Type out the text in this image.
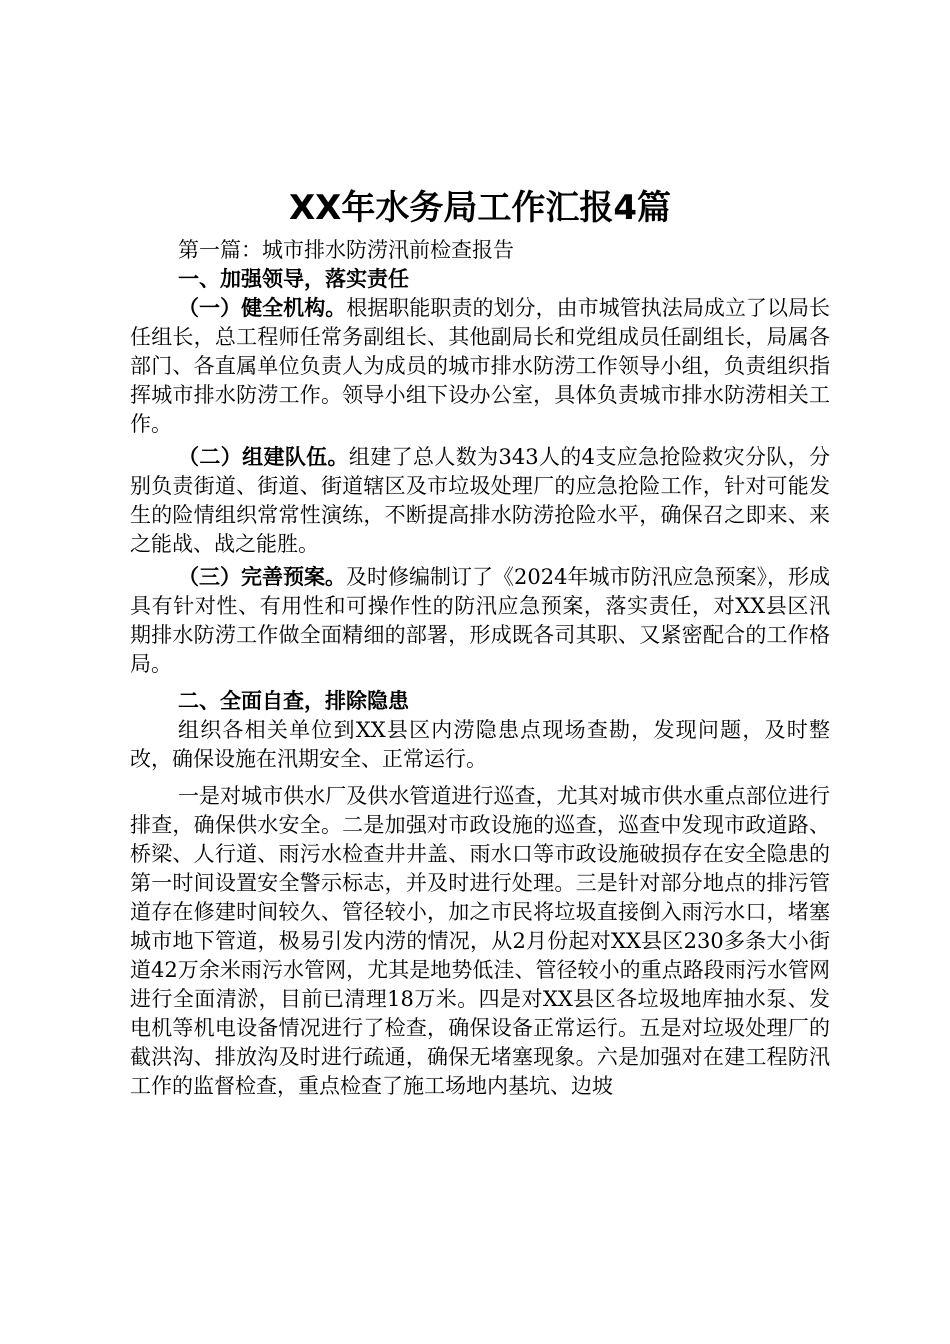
XX年水务局工作汇报4篇

第一篇：城市排水防涝汛前检查报告

一、加强领导，落实责任

（一）健全机构。根据职能职责的划分，由市城管执法局成立了以局长任组长，总工程师任常务副组长、其他副局长和党组成员任副组长，局属各部门、各直属单位负责人为成员的城市排水防涝工作领导小组，负责组织指挥城市排水防涝工作。领导小组下设办公室，具体负责城市排水防涝相关工作。

（二）组建队伍。组建了总人数为343人的4支应急抢险救灾分队，分别负责街道、街道、街道辖区及市垃圾处理厂的应急抢险工作，针对可能发生的险情组织常常性演练，不断提高排水防涝抢险水平，确保召之即来、来之能战、战之能胜。

（三）完善预案。及时修编制订了《2024年城市防汛应急预案》，形成具有针对性、有用性和可操作性的防汛应急预案，落实责任，对XX县区汛期排水防涝工作做全面精细的部署，形成既各司其职、又紧密配合的工作格局。

二、全面自查，排除隐患

组织各相关单位到XX县区内涝隐患点现场查勘，发现问题，及时整改，确保设施在汛期安全、正常运行。

一是对城市供水厂及供水管道进行巡查，尤其对城市供水重点部位进行排查，确保供水安全。二是加强对市政设施的巡查，巡查中发现市政道路、桥梁、人行道、雨污水检查井井盖、雨水口等市政设施破损存在安全隐患的第一时间设置安全警示标志，并及时进行处理。三是针对部分地点的排污管道存在修建时间较久、管径较小，加之市民将垃圾直接倒入雨污水口，堵塞城市地下管道，极易引发内涝的情况，从2月份起对XX县区230多条大小街道42万余米雨污水管网，尤其是地势低洼、管径较小的重点路段雨污水管网进行全面清淤，目前已清理18万米。四是对XX县区各垃圾地库抽水泵、发电机等机电设备情况进行了检查，确保设备正常运行。五是对垃圾处理厂的截洪沟、排放沟及时进行疏通，确保无堵塞现象。六是加强对在建工程防汛工作的监督检查，重点检查了施工场地内基坑、边坡
